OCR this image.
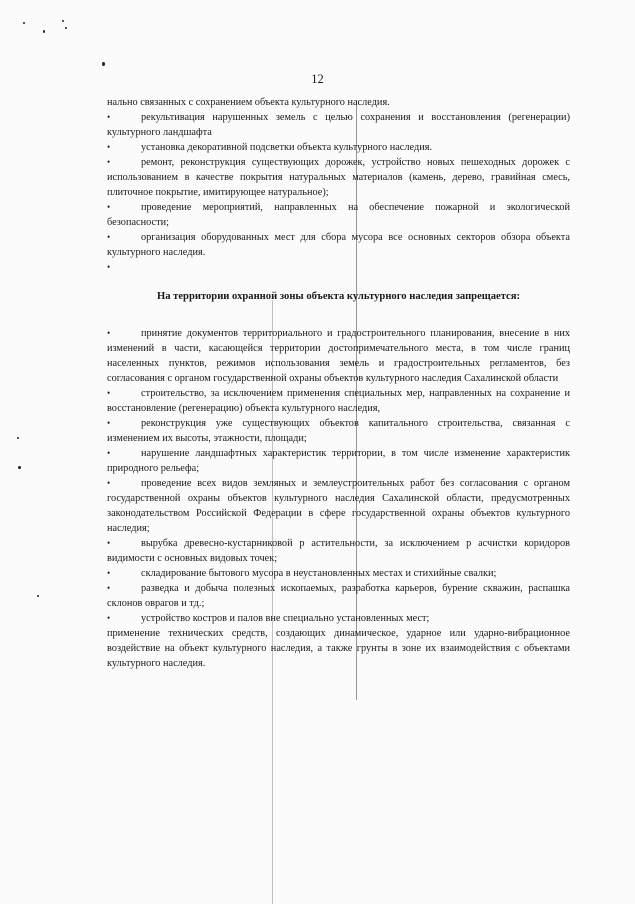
12

нально связанных с сохранением объекта культурного наследия.

•	рекультивация нарушенных земель с целью сохранения и восстановления (регенерации) культурного ландшафта

•	установка декоративной подсветки объекта культурного наследия.

•	ремонт, реконструкция существующих дорожек, устройство новых пешеходных дорожек с использованием в качестве покрытия натуральных материалов (камень, дерево, гравийная смесь, плиточное покрытие, имитирующее натуральное);

•	проведение мероприятий, направленных на обеспечение пожарной и экологической безопасности;

•	организация оборудованных мест для сбора мусора все основных секторов обзора объекта культурного наследия.

•

На территории охранной зоны объекта культурного наследия запрещается:

•	принятие документов территориального и градостроительного планирования, внесение в них изменений в части, касающейся территории достопримечательного места, в том числе границ населенных пунктов, режимов использования земель и градостроительных регламентов, без согласования с органом государственной охраны объектов культурного наследия Сахалинской области

•	строительство, за исключением применения специальных мер, направленных на сохранение и восстановление (регенерацию) объекта культурного наследия,

•	реконструкция уже существующих объектов капитального строительства, связанная с изменением их высоты, этажности, площади;

•	нарушение ландшафтных характеристик территории, в том числе изменение характеристик природного рельефа;

•	проведение всех видов земляных и землеустроительных работ без согласования с органом государственной охраны объектов культурного наследия Сахалинской области, предусмотренных законодательством Российской Федерации в сфере государственной охраны объектов культурного наследия;

•	вырубка древесно-кустарниковой р астительности, за исключением р асчистки коридоров видимости с основных видовых точек;

•	складирование бытового мусора в неустановленных местах и стихийные свалки;

•	разведка и добыча полезных ископаемых, разработка карьеров, бурение скважин, распашка склонов оврагов и тд.;

•	устройство костров и палов вне специально установленных мест;

применение технических средств, создающих динамическое, ударное или ударно-вибрационное воздействие на объект культурного наследия, а также грунты в зоне их взаимодействия с объектами культурного наследия.
